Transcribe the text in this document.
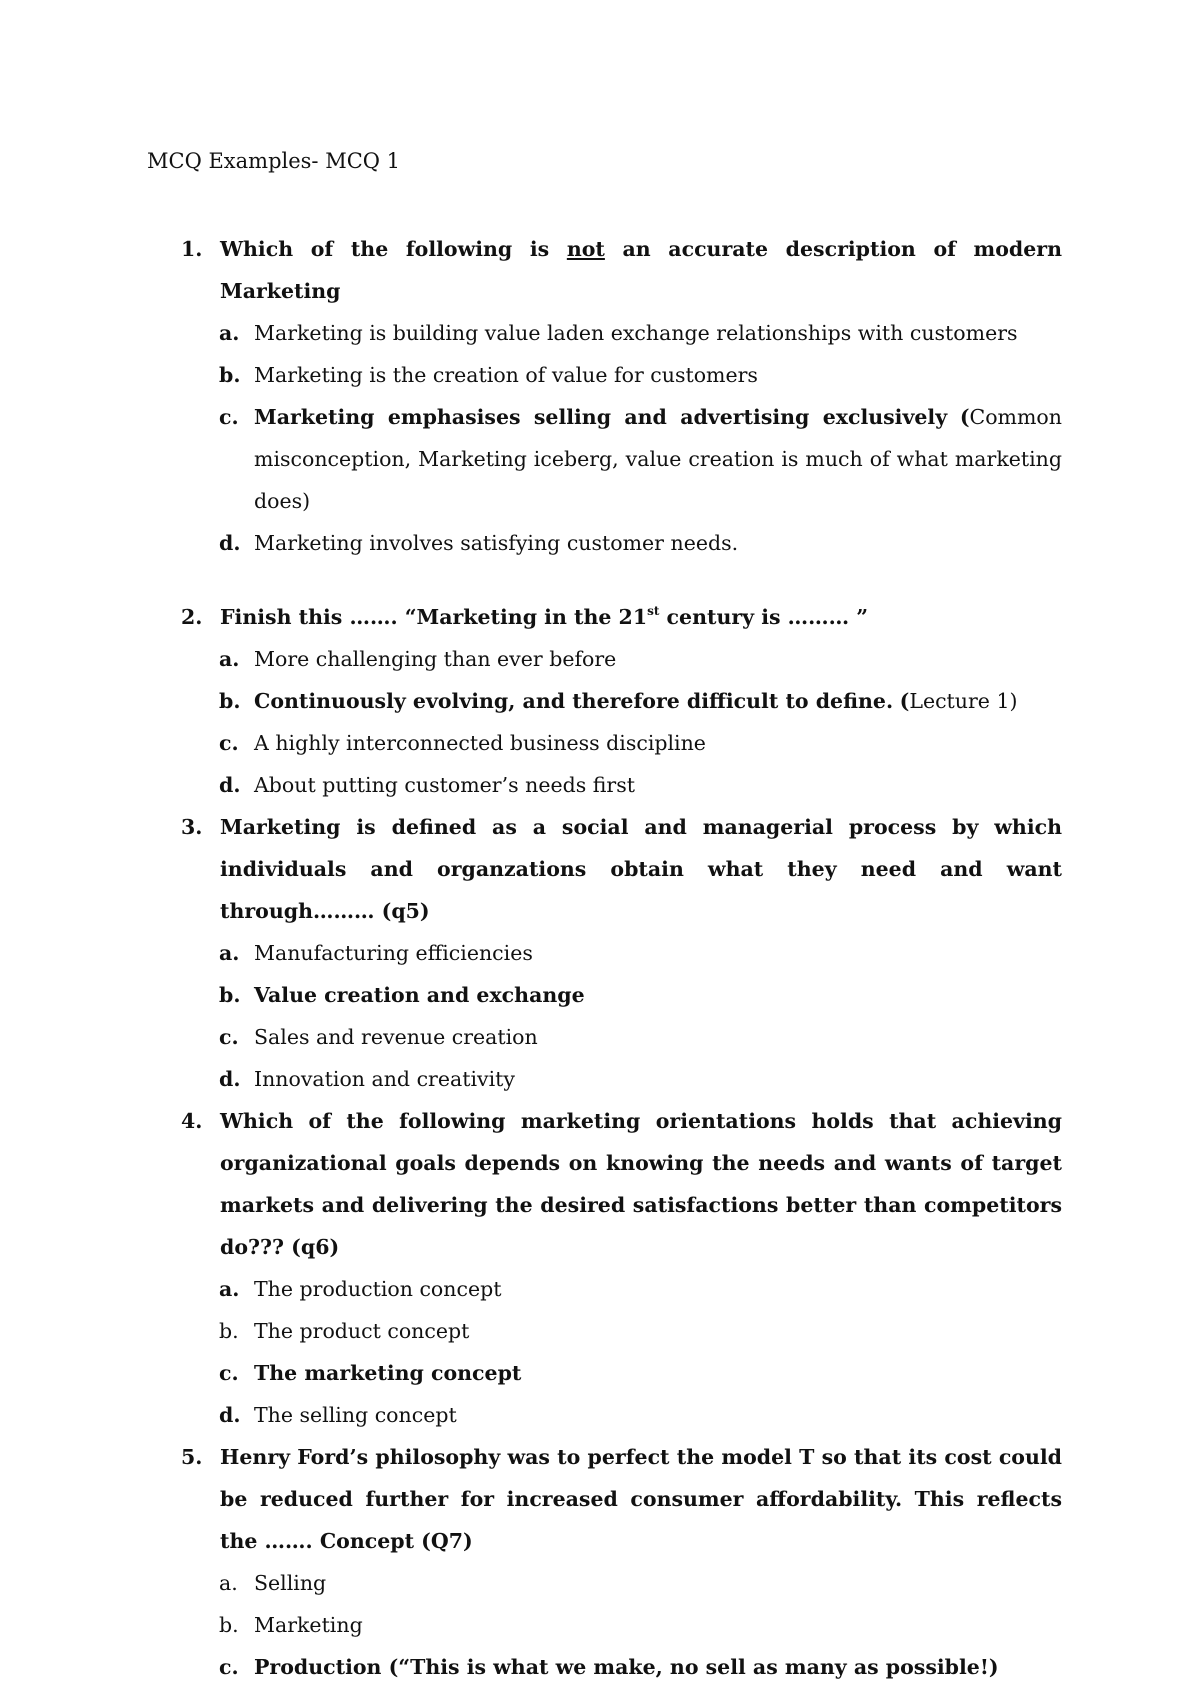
MCQ Examples- MCQ 1
1. Which of the following is not an accurate description of modern Marketing
a. Marketing is building value laden exchange relationships with customers
b. Marketing is the creation of value for customers
c. Marketing emphasises selling and advertising exclusively (Common misconception, Marketing iceberg, value creation is much of what marketing does)
d. Marketing involves satisfying customer needs.
2. Finish this ……. “Marketing in the 21st century is ……… ”
a. More challenging than ever before
b. Continuously evolving, and therefore difficult to define. (Lecture 1)
c. A highly interconnected business discipline
d. About putting customer’s needs first
3. Marketing is defined as a social and managerial process by which individuals and organzations obtain what they need and want through……… (q5)
a. Manufacturing efficiencies
b. Value creation and exchange
c. Sales and revenue creation
d. Innovation and creativity
4. Which of the following marketing orientations holds that achieving organizational goals depends on knowing the needs and wants of target markets and delivering the desired satisfactions better than competitors do??? (q6)
a. The production concept
b. The product concept
c. The marketing concept
d. The selling concept
5. Henry Ford’s philosophy was to perfect the model T so that its cost could be reduced further for increased consumer affordability. This reflects the ……. Concept (Q7)
a. Selling
b. Marketing
c. Production (“This is what we make, no sell as many as possible!)
